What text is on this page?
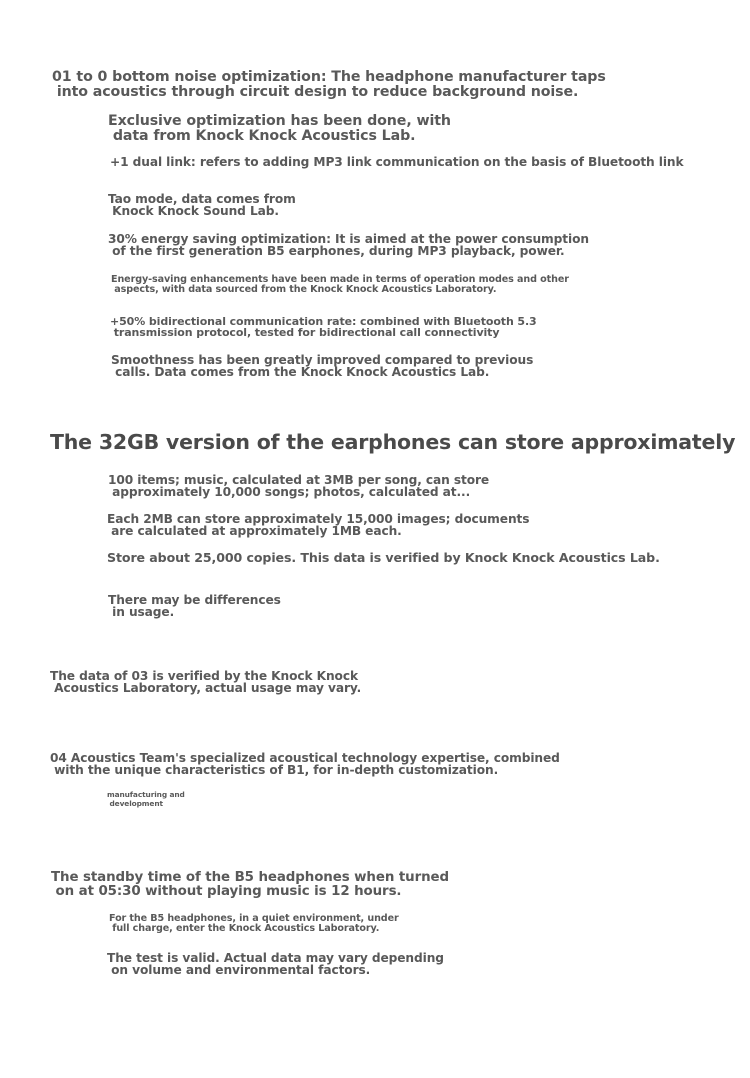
01 to 0 bottom noise optimization: The headphone manufacturer taps
into acoustics through circuit design to reduce background noise.

Exclusive optimization has been done, with
data from Knock Knock Acoustics Lab.

+1 dual link: refers to adding MP3 link communication on the basis of Bluetooth link

Tao mode, data comes from
Knock Knock Sound Lab.

30% energy saving optimization: It is aimed at the power consumption
of the first generation B5 earphones, during MP3 playback, power.

Energy-saving enhancements have been made in terms of operation modes and other
aspects, with data sourced from the Knock Knock Acoustics Laboratory.

+50% bidirectional communication rate: combined with Bluetooth 5.3
transmission protocol, tested for bidirectional call connectivity

Smoothness has been greatly improved compared to previous
calls. Data comes from the Knock Knock Acoustics Lab.

The 32GB version of the earphones can store approximately

100 items; music, calculated at 3MB per song, can store
approximately 10,000 songs; photos, calculated at...

Each 2MB can store approximately 15,000 images; documents
are calculated at approximately 1MB each.

Store about 25,000 copies. This data is verified by Knock Knock Acoustics Lab.

There may be differences
in usage.

The data of 03 is verified by the Knock Knock
Acoustics Laboratory, actual usage may vary.

04 Acoustics Team's specialized acoustical technology expertise, combined
with the unique characteristics of B1, for in-depth customization.

manufacturing and
development

The standby time of the B5 headphones when turned
on at 05:30 without playing music is 12 hours.

For the B5 headphones, in a quiet environment, under
full charge, enter the Knock Acoustics Laboratory.

The test is valid. Actual data may vary depending
on volume and environmental factors.
